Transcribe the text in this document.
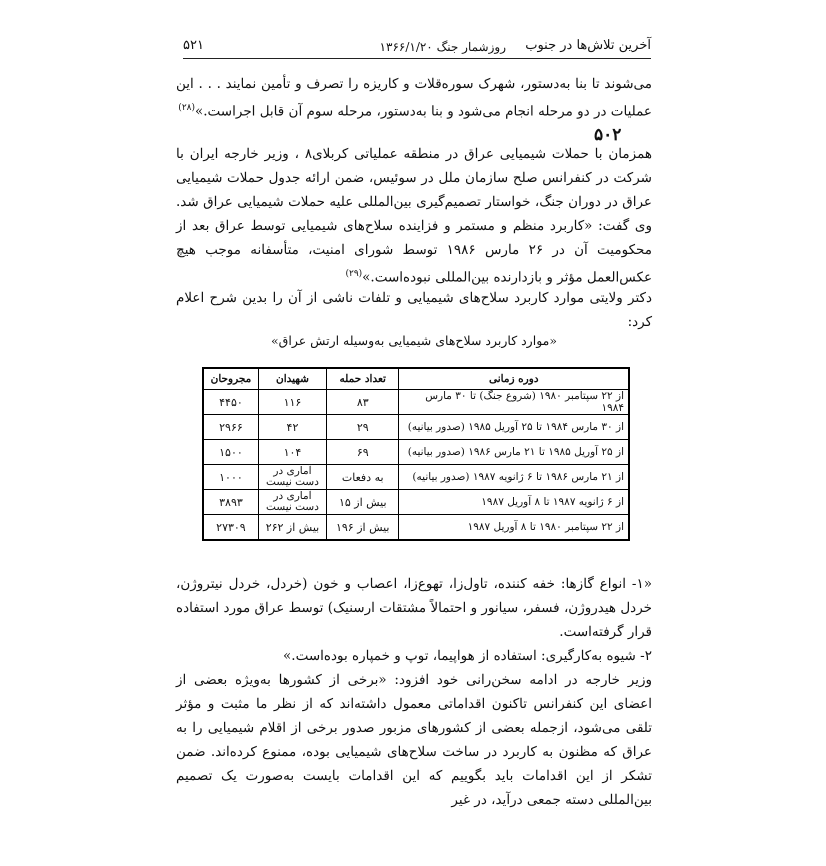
آخرین تلاش‌ها در جنوب
روزشمار جنگ ۱۳۶۶/۱/۲۰
۵۲۱

می‌شوند تا بنا به‌دستور، شهرک سوره‌قلات و کاریزه را تصرف و تأمین نمایند . . . این عملیات در دو مرحله انجام می‌شود و بنا به‌دستور، مرحله سوم آن قابل اجراست.»$^{(۲۸)}$

۵۰۲

همزمان با حملات شیمیایی عراق در منطقه عملیاتی کربلای۸ ، وزیر خارجه ایران با شرکت در کنفرانس صلح سازمان ملل در سوئیس، ضمن ارائه جدول حملات شیمیایی عراق در دوران جنگ، خواستار تصمیم‌گیری بین‌المللی علیه حملات شیمیایی عراق شد. وی گفت: «کاربرد منظم و مستمر و فزاینده سلاح‌های شیمیایی توسط عراق بعد از محکومیت آن در ۲۶ مارس ۱۹۸۶ توسط شورای امنیت، متأسفانه موجب هیچ عکس‌العمل مؤثر و بازدارنده بین‌المللی نبوده‌است.»$^{(۲۹)}$

دکتر ولایتی موارد کاربرد سلاح‌های شیمیایی و تلفات ناشی از آن را بدین شرح اعلام کرد:

«موارد کاربرد سلاح‌های شیمیایی به‌وسیله ارتش عراق»
دوره زمانی	تعداد حمله	شهیدان	مجروحان
از ۲۲ سپتامبر ۱۹۸۰ (شروع جنگ) تا ۳۰ مارس ۱۹۸۴	۸۳	۱۱۶	۴۴۵۰
از ۳۰ مارس ۱۹۸۴ تا ۲۵ آوریل ۱۹۸۵ (صدور بیانیه)	۲۹	۴۲	۲۹۶۶
از ۲۵ آوریل ۱۹۸۵ تا ۲۱ مارس ۱۹۸۶ (صدور بیانیه)	۶۹	۱۰۴	۱۵۰۰
از ۲۱ مارس ۱۹۸۶ تا ۶ ژانویه ۱۹۸۷ (صدور بیانیه)	به دفعات	آماری در دست نیست	۱۰۰۰
از ۶ ژانویه ۱۹۸۷ تا ۸ آوریل ۱۹۸۷	بیش از ۱۵	آماری در دست نیست	۳۸۹۳
از ۲۲ سپتامبر ۱۹۸۰ تا ۸ آوریل ۱۹۸۷	بیش از ۱۹۶	بیش از ۲۶۲	۲۷۳۰۹

«۱- انواع گازها: خفه کننده، تاول‌زا، تهوع‌زا، اعصاب و خون (خردل، خردل نیتروژن، خردل هیدروژن، فسفر، سیانور و احتمالاً مشتقات ارسنیک) توسط عراق مورد استفاده قرار گرفته‌است.

۲- شیوه به‌کارگیری: استفاده از هواپیما، توپ و خمپاره بوده‌است.»

وزیر خارجه در ادامه سخن‌رانی خود افزود: «برخی از کشورها به‌ویژه بعضی از اعضای این کنفرانس تاکنون اقداماتی معمول داشته‌اند که از نظر ما مثبت و مؤثر تلقی می‌شود، ازجمله بعضی از کشورهای مزبور صدور برخی از اقلام شیمیایی را به عراق که مظنون به کاربرد در ساخت سلاح‌های شیمیایی بوده، ممنوع کرده‌اند. ضمن تشکر از این اقدامات باید بگوییم که این اقدامات بایست به‌صورت یک تصمیم بین‌المللی دسته جمعی درآید، در غیر
